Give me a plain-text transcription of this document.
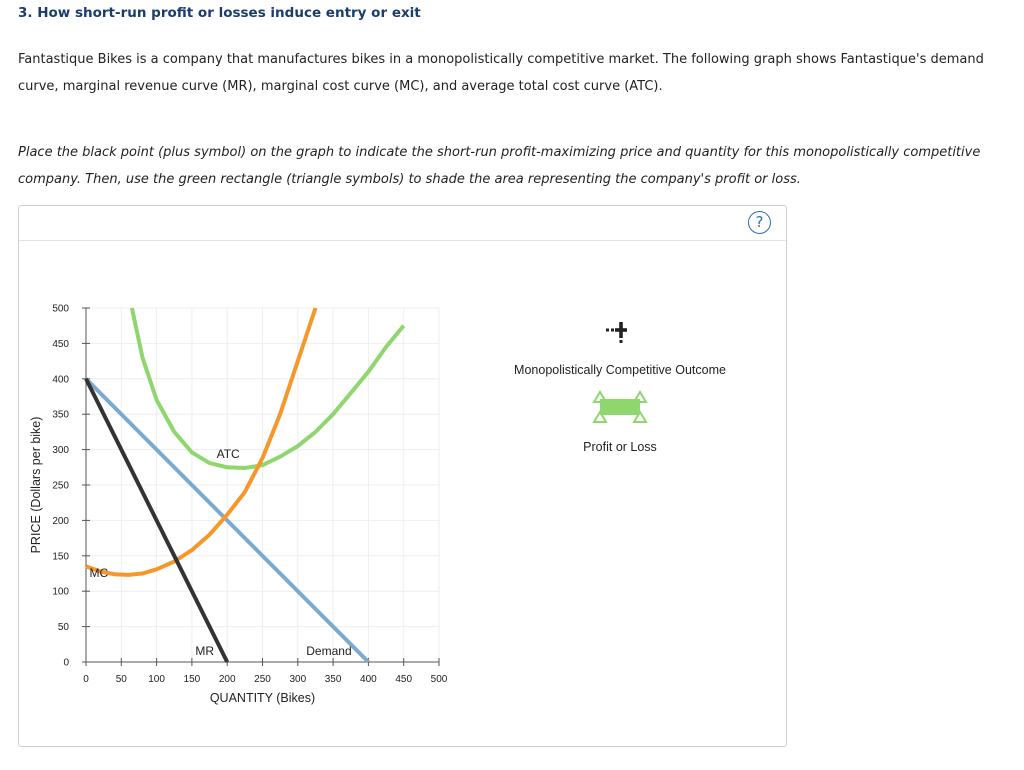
3. How short-run profit or losses induce entry or exit
Fantastique Bikes is a company that manufactures bikes in a monopolistically competitive market. The following graph shows Fantastique's demand curve, marginal revenue curve (MR), marginal cost curve (MC), and average total cost curve (ATC).
Place the black point (plus symbol) on the graph to indicate the short-run profit-maximizing price and quantity for this monopolistically competitive company. Then, use the green rectangle (triangle symbols) to shade the area representing the company's profit or loss.
?
0	50 100 150 200 250 300 350 400 450 500
0
50
100
150
200
250
300
350
400
450
500
ATC
MC
MR	Demand
QUANTITY (Bikes)
PRICE (Dollars per bike)
Monopolistically Competitive Outcome
Profit or Loss
